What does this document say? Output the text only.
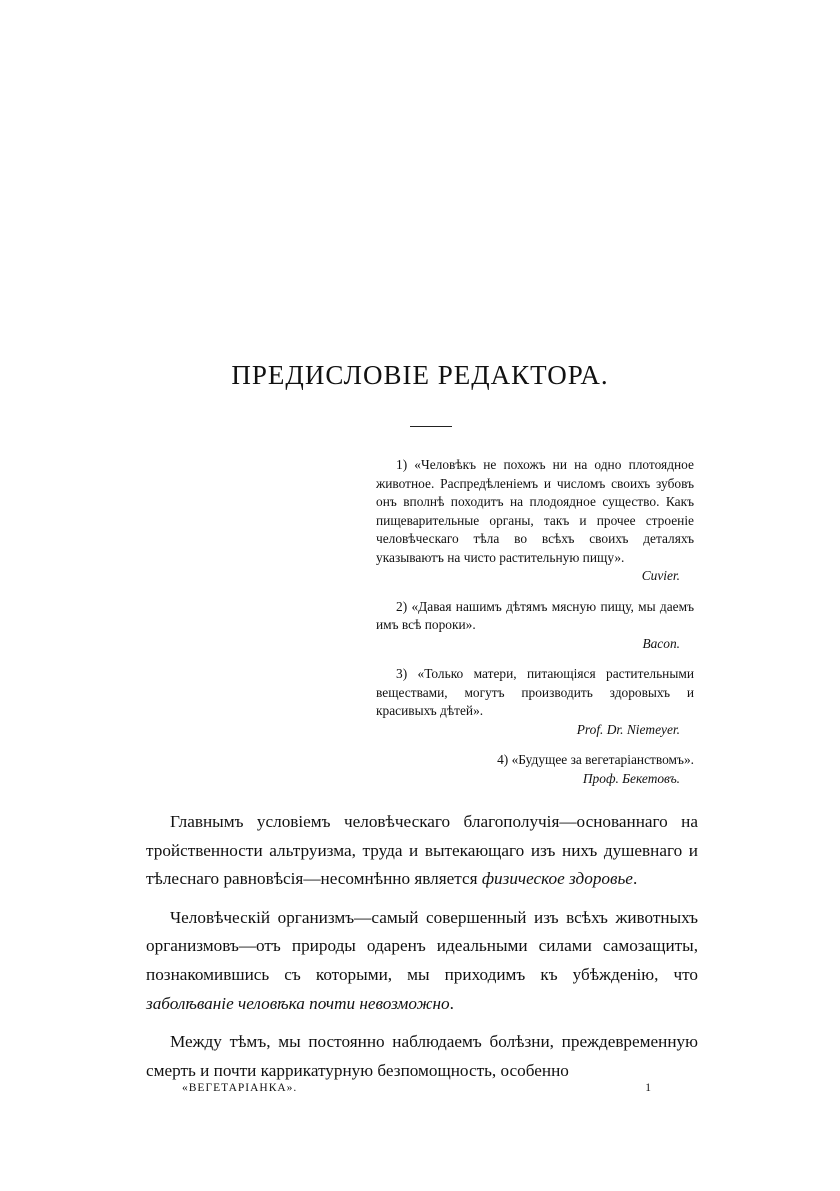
ПРЕДИСЛОВІЕ РЕДАКТОРА.

1) «Человѣкъ не похожъ ни на одно плотоядное животное. Распредѣленіемъ и числомъ своихъ зубовъ онъ вполнѣ походитъ на плодоядное существо. Какъ пищеварительные органы, такъ и прочее строеніе человѣческаго тѣла во всѣхъ своихъ деталяхъ указываютъ на чисто растительную пищу».

Cuvier.

2) «Давая нашимъ дѣтямъ мясную пищу, мы даемъ имъ всѣ пороки».

Bacon.

3) «Только матери, питающіяся растительными веществами, могутъ производить здоровыхъ и красивыхъ дѣтей».

Prof. Dr. Niemeyer.

4) «Будущее за вегетаріанствомъ».

Проф. Бекетовъ.

Главнымъ условіемъ человѣческаго благополучія—основаннаго на тройственности альтруизма, труда и вытекающаго изъ нихъ душевнаго и тѣлеснаго равновѣсія—несомнѣнно является физическое здоровье.

Человѣческій организмъ—самый совершенный изъ всѣхъ животныхъ организмовъ—отъ природы одаренъ идеальными силами самозащиты, познакомившись съ которыми, мы приходимъ къ убѣжденію, что заболѣваніе человѣка почти невозможно.

Между тѣмъ, мы постоянно наблюдаемъ болѣзни, преждевременную смерть и почти каррикатурную безпомощность, особенно

«ВЕГЕТАРІАНКА».	1
